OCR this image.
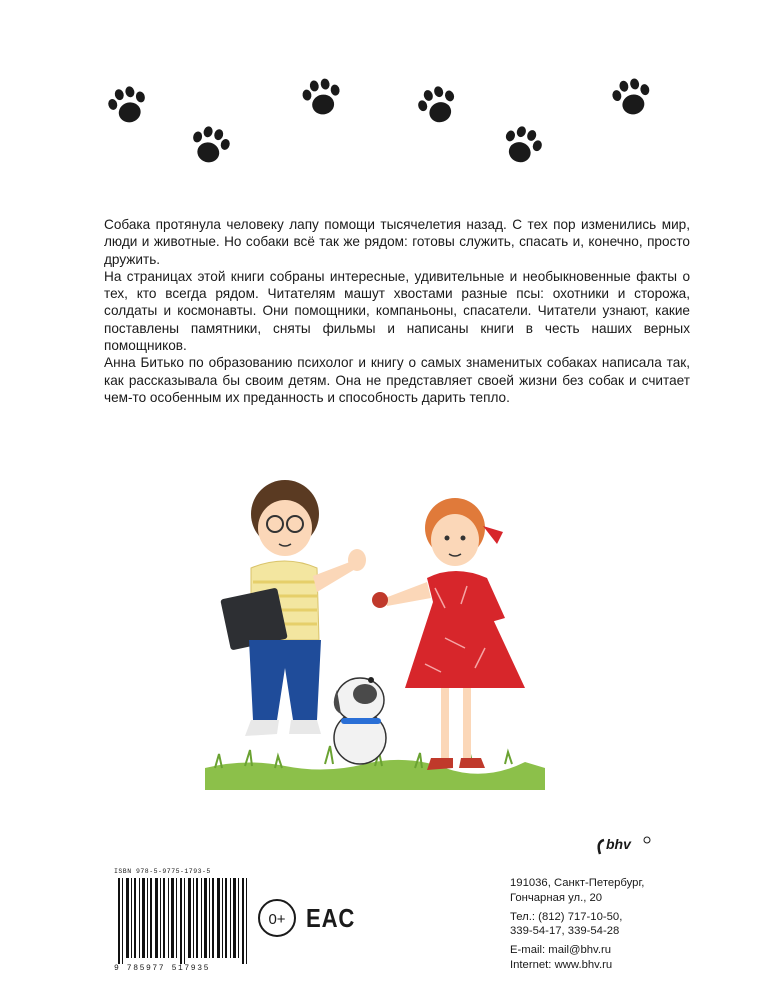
Собака протянула человеку лапу помощи тысячелетия назад. С тех пор изменились мир, люди и животные. Но собаки всё так же рядом: готовы служить, спасать и, конечно, просто дружить.

На страницах этой книги собраны интересные, удивительные и необыкновенные факты о тех, кто всегда рядом. Читателям машут хвостами разные псы: охотники и сторожа, солдаты и космонавты. Они помощники, компаньоны, спасатели. Читатели узнают, какие поставлены памятники, сняты фильмы и написаны книги в честь наших верных помощников.

Анна Битько по образованию психолог и книгу о самых знаменитых собаках написала так, как рассказывала бы своим детям. Она не представляет своей жизни без собак и считает чем-то особенным их преданность и способность дарить тепло.

ISBN 978-5-9775-1793-5
9 785977 517935
0+ EAC
bhv
191036, Санкт-Петербург,
Гончарная ул., 20
Тел.: (812) 717-10-50,
339-54-17, 339-54-28
E-mail: mail@bhv.ru
Internet: www.bhv.ru
